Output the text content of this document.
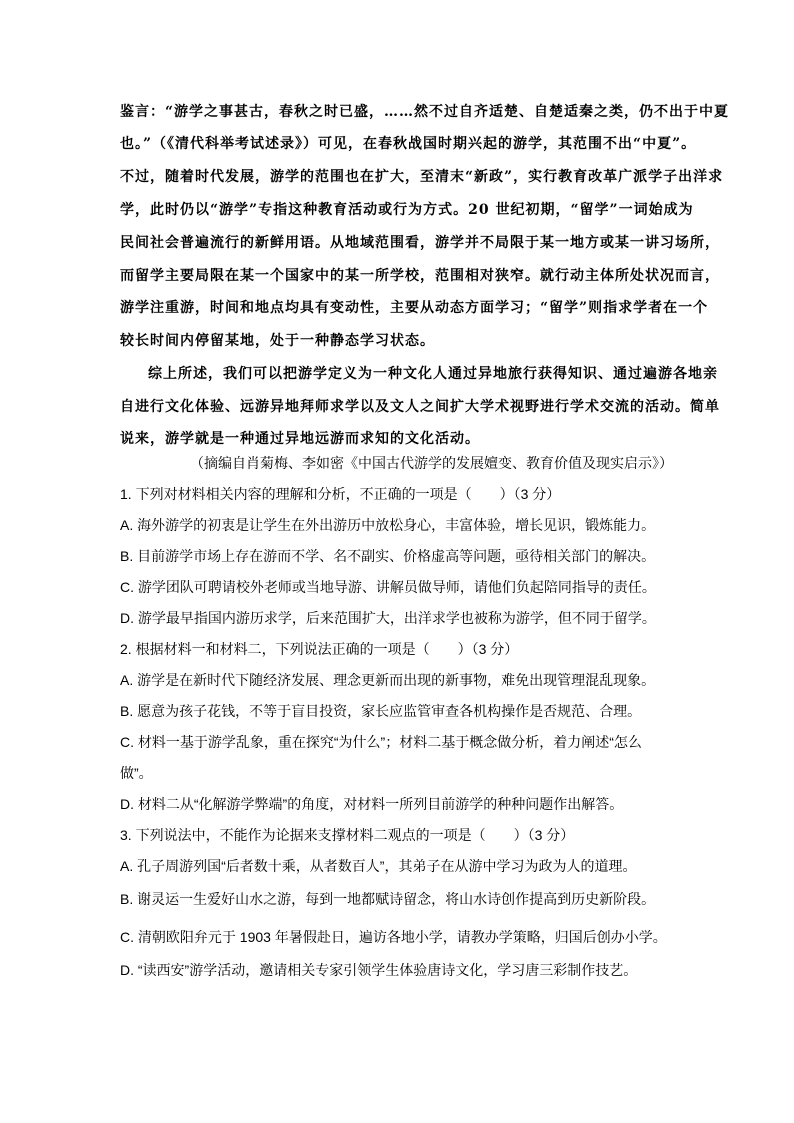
鉴言：“游学之事甚古，春秋之时已盛，……然不过自齐适楚、自楚适秦之类，仍不出于中夏
也。”（《清代科举考试述录》）可见，在春秋战国时期兴起的游学，其范围不出“中夏”。
不过，随着时代发展，游学的范围也在扩大，至清末“新政”，实行教育改革广派学子出洋求
学，此时仍以“游学”专指这种教育活动或行为方式。20 世纪初期，“留学”一词始成为
民间社会普遍流行的新鲜用语。从地域范围看，游学并不局限于某一地方或某一讲习场所，
而留学主要局限在某一个国家中的某一所学校，范围相对狭窄。就行动主体所处状况而言，
游学注重游，时间和地点均具有变动性，主要从动态方面学习；“留学”则指求学者在一个
较长时间内停留某地，处于一种静态学习状态。
综上所述，我们可以把游学定义为一种文化人通过异地旅行获得知识、通过遍游各地亲
自进行文化体验、远游异地拜师求学以及文人之间扩大学术视野进行学术交流的活动。简单
说来，游学就是一种通过异地远游而求知的文化活动。
（摘编自肖菊梅、李如密《中国古代游学的发展嬗变、教育价值及现实启示》）
1. 下列对材料相关内容的理解和分析，不正确的一项是（　　）（3 分）
A. 海外游学的初衷是让学生在外出游历中放松身心，丰富体验，增长见识，锻炼能力。
B. 目前游学市场上存在游而不学、名不副实、价格虚高等问题，亟待相关部门的解决。
C. 游学团队可聘请校外老师或当地导游、讲解员做导师，请他们负起陪同指导的责任。
D. 游学最早指国内游历求学，后来范围扩大，出洋求学也被称为游学，但不同于留学。
2. 根据材料一和材料二，下列说法正确的一项是（　　）（3 分）
A. 游学是在新时代下随经济发展、理念更新而出现的新事物，难免出现管理混乱现象。
B. 愿意为孩子花钱，不等于盲目投资，家长应监管审查各机构操作是否规范、合理。
C. 材料一基于游学乱象，重在探究“为什么”；材料二基于概念做分析，着力阐述“怎么
做”。
D. 材料二从“化解游学弊端”的角度，对材料一所列目前游学的种种问题作出解答。
3. 下列说法中，不能作为论据来支撑材料二观点的一项是（　　）（3 分）
A. 孔子周游列国“后者数十乘，从者数百人”，其弟子在从游中学习为政为人的道理。
B. 谢灵运一生爱好山水之游，每到一地都赋诗留念，将山水诗创作提高到历史新阶段。
C. 清朝欧阳弁元于 1903 年暑假赴日，遍访各地小学，请教办学策略，归国后创办小学。
D. “读西安”游学活动，邀请相关专家引领学生体验唐诗文化，学习唐三彩制作技艺。
